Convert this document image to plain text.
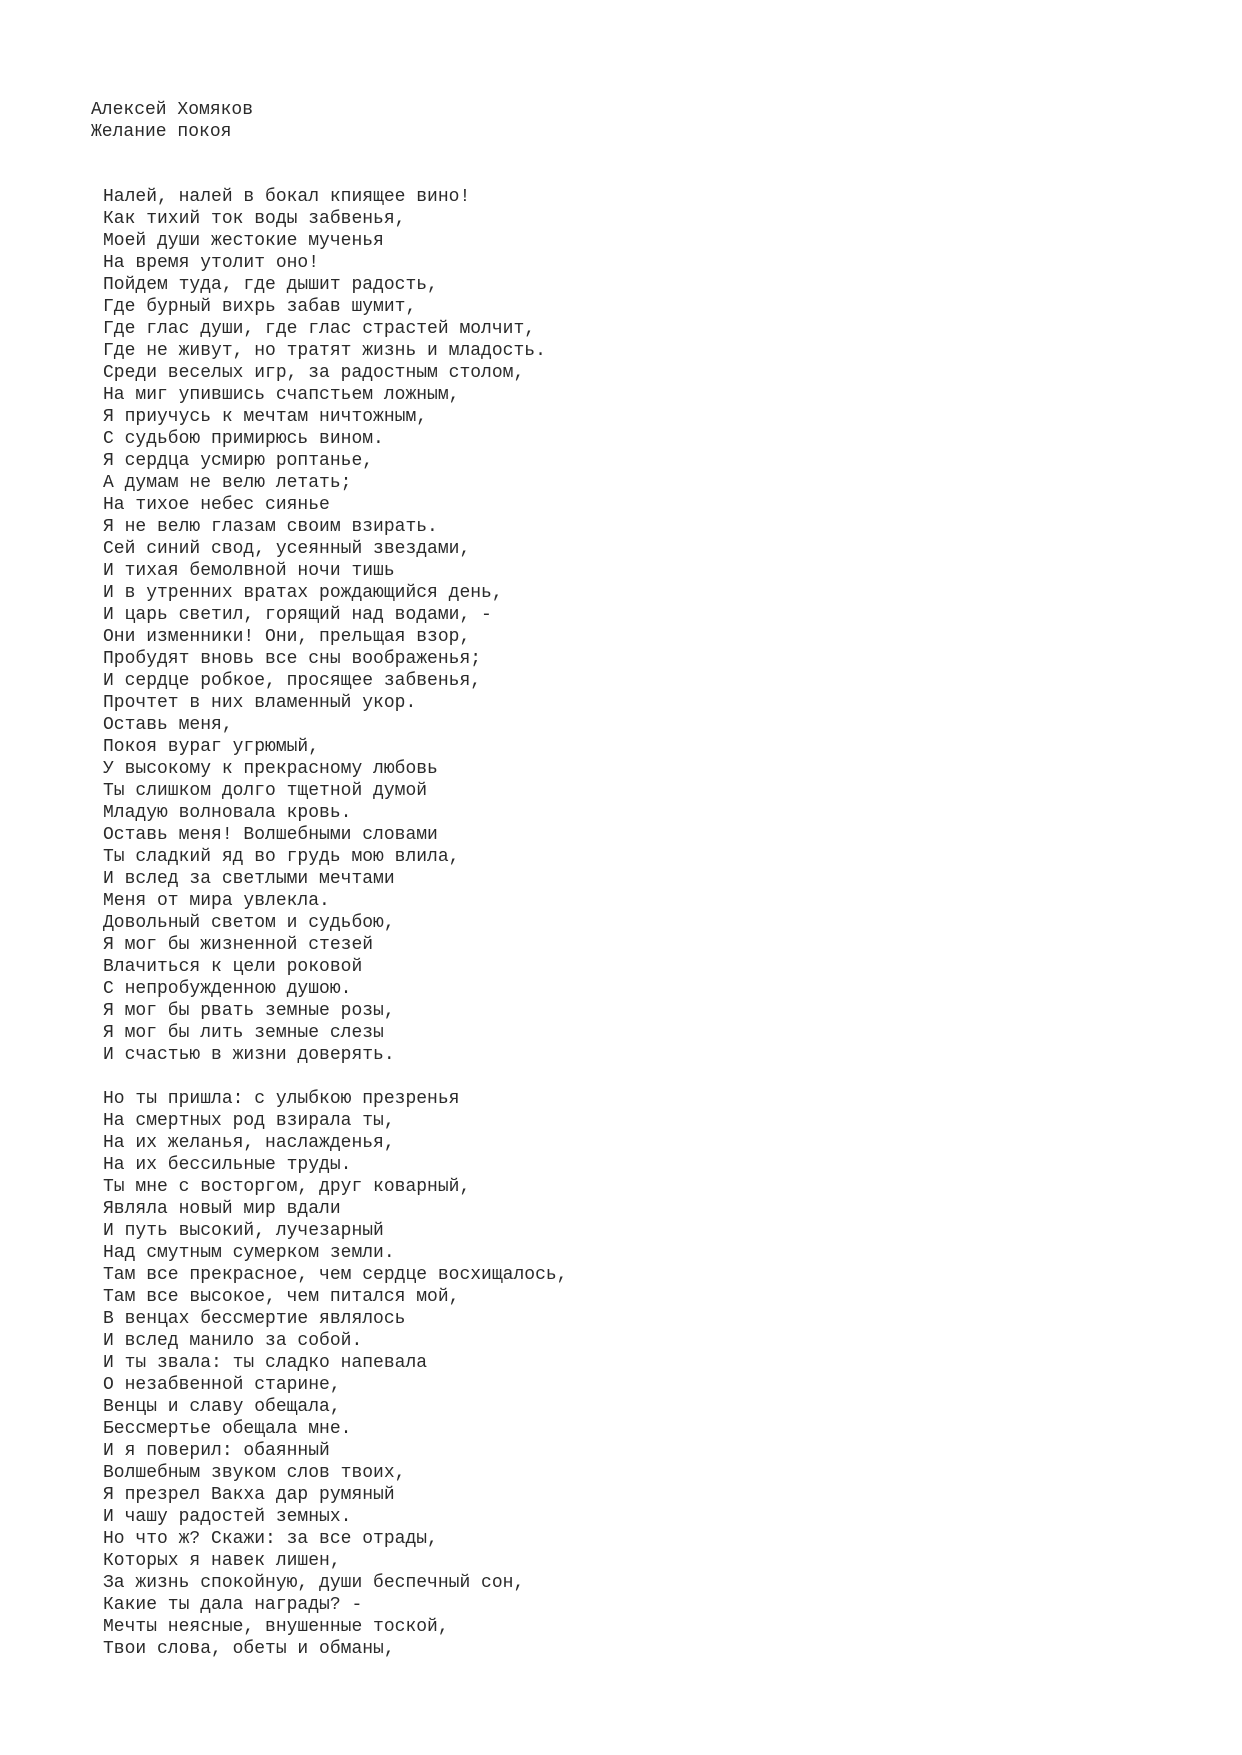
Алексей Хомяков
Желание покоя
Налей, налей в бокал кпиящее вино!
Как тихий ток воды забвенья,
Моей души жестокие мученья
На время утолит оно!
Пойдем туда, где дышит радость,
Где бурный вихрь забав шумит,
Где глас души, где глас страстей молчит,
Где не живут, но тратят жизнь и младость.
Среди веселых игр, за радостным столом,
На миг упившись счапстьем ложным,
Я приучусь к мечтам ничтожным,
С судьбою примирюсь вином.
Я сердца усмирю роптанье,
А думам не велю летать;
На тихое небес сиянье
Я не велю глазам своим взирать.
Сей синий свод, усеянный звездами,
И тихая бемолвной ночи тишь
И в утренних вратах рождающийся день,
И царь светил, горящий над водами, -
Они изменники! Они, прельщая взор,
Пробудят вновь все сны воображенья;
И сердце робкое, просящее забвенья,
Прочтет в них вламенный укор.
Оставь меня,
Покоя вураг угрюмый,
У высокому к прекрасному любовь
Ты слишком долго тщетной думой
Младую волновала кровь.
Оставь меня! Волшебными словами
Ты сладкий яд во грудь мою влила,
И вслед за светлыми мечтами
Меня от мира увлекла.
Довольный светом и судьбою,
Я мог бы жизненной стезей
Влачиться к цели роковой
С непробужденною душою.
Я мог бы рвать земные розы,
Я мог бы лить земные слезы
И счастью в жизни доверять.
Но ты пришла: с улыбкою презренья
На смертных род взирала ты,
На их желанья, наслажденья,
На их бессильные труды.
Ты мне с восторгом, друг коварный,
Являла новый мир вдали
И путь высокий, лучезарный
Над смутным сумерком земли.
Там все прекрасное, чем сердце восхищалось,
Там все высокое, чем питался мой,
В венцах бессмертие являлось
И вслед манило за собой.
И ты звала: ты сладко напевала
О незабвенной старине,
Венцы и славу обещала,
Бессмертье обещала мне.
И я поверил: обаянный
Волшебным звуком слов твоих,
Я презрел Вакха дар румяный
И чашу радостей земных.
Но что ж? Скажи: за все отрады,
Которых я навек лишен,
За жизнь спокойную, души беспечный сон,
Какие ты дала награды? -
Мечты неясные, внушенные тоской,
Твои слова, обеты и обманы,
